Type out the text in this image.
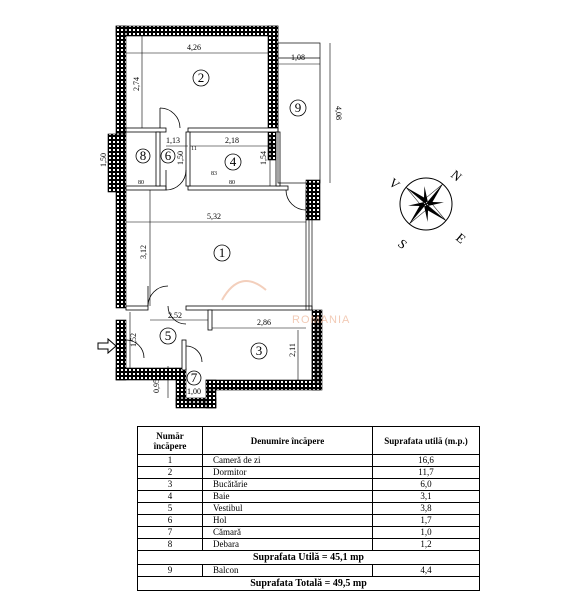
4,26
1,08
2,74
4,08
1,13	2,18
1,50	1,50	1,54
80
83
80
11
5,32
3,12
2,52
2,86
1,52
2,11
0,95	1,00
1
2
3
4
5
6
7
8
9
ROMANIA
N
E
S
V
Număr încăpere	Denumire încăpere	Suprafata utilă (m.p.)
1	Cameră de zi	16,6
2	Dormitor	11,7
3	Bucătărie	6,0
4	Baie	3,1
5	Vestibul	3,8
6	Hol	1,7
7	Cămară	1,0
8	Debara	1,2
Suprafata Utilă = 45,1 mp		
9	Balcon	4,4
Suprafata Totală = 49,5 mp		
